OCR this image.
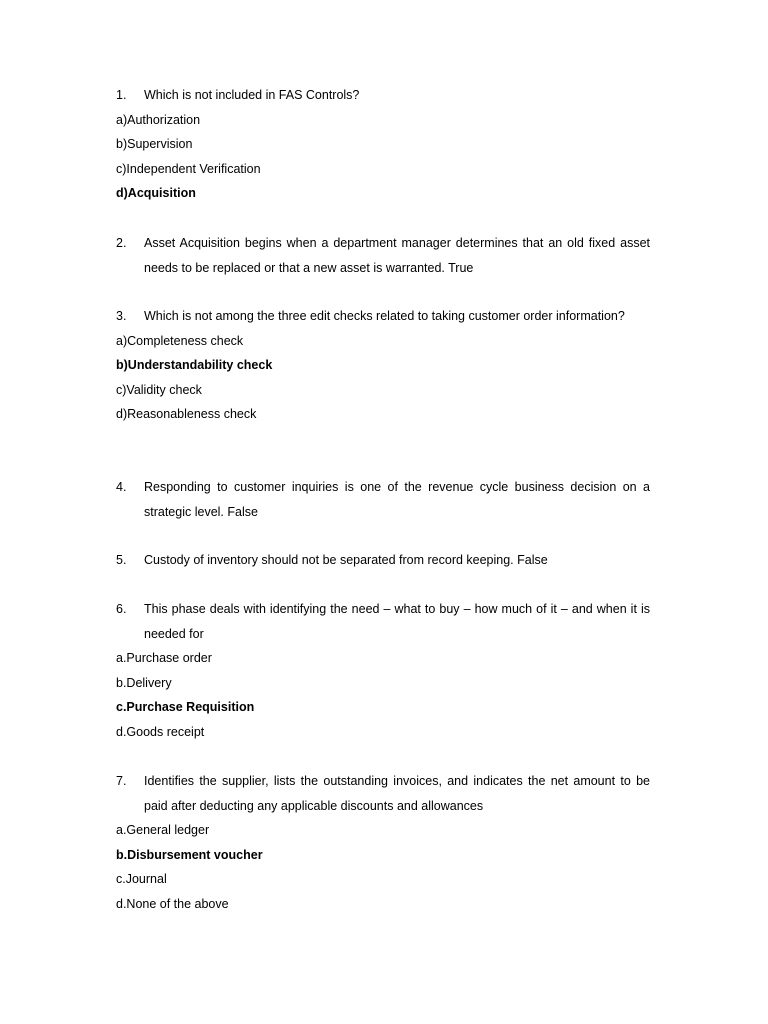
1.	Which is not included in FAS Controls?
a)Authorization
b)Supervision
c)Independent Verification
d)Acquisition
2.	Asset Acquisition begins when a department manager determines that an old fixed asset needs to be replaced or that a new asset is warranted. True
3.	Which is not among the three edit checks related to taking customer order information?
a)Completeness check
b)Understandability check
c)Validity check
d)Reasonableness check
4.	Responding to customer inquiries is one of the revenue cycle business decision on a strategic level. False
5.	Custody of inventory should not be separated from record keeping. False
6.	This phase deals with identifying the need – what to buy – how much of it – and when it is needed for
a.Purchase order
b.Delivery
c.Purchase Requisition
d.Goods receipt
7.	Identifies the supplier, lists the outstanding invoices, and indicates the net amount to be paid after deducting any applicable discounts and allowances
a.General ledger
b.Disbursement voucher
c.Journal
d.None of the above
